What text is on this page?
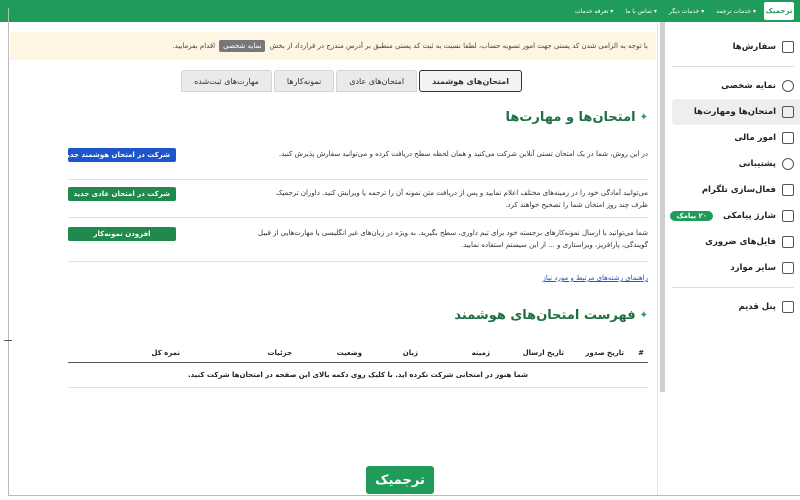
خدمات ترجمه ▾
خدمات دیگر ▾
تماس با ما ▾
تعرفه خدمات ▾	ترجمیک
سفارش‌ها
نمایه شخصی
امتحان‌ها ومهارت‌ها
امور مالی
پشتیبانی
فعال‌سازی تلگرام
شارژ پیامکی
۲۰ پیامک
فایل‌های ضروری
سایر موارد
پنل قدیم
با توجه به الزامی شدن کد پستی جهت امور تسویه حساب، لطفا نسبت به ثبت کد پستی منطبق بر آدرس مندرج در قرارداد از بخش
نمایه شخصی
اقدام بفرمایید.
امتحان‌های هوشمند
امتحان‌های عادی
نمونه‌کارها
مهارت‌های ثبت‌شده
✦
امتحان‌ها و مهارت‌ها
در این روش، شما در یک امتحان تستی آنلاین شرکت می‌کنید و همان لحظه سطح دریافت کرده و می‌توانید سفارش پذیرش کنید.
شرکت در امتحان هوشمند جدید
می‌توانید آمادگی خود را در زمینه‌های مختلف اعلام نمایید و پس از دریافت متن نمونه آن را ترجمه یا ویرایش کنید. داوران ترجمیک ظرف چند روز امتحان شما را تصحیح خواهند کرد.
شرکت در امتحان عادی جدید
شما می‌توانید با ارسال نمونه‌کارهای برجسته خود برای تیم داوری، سطح بگیرید. به ویژه در زبان‌های غیر انگلیسی یا مهارت‌هایی از قبیل گویندگی، پارافریز، ویراستاری و ... از این سیستم استفاده نمایید.
افزودن نمونه‌کار
راهنمای رشته‌های مرتبط و مورد نیاز
✦
فهرست امتحان‌های هوشمند
#
تاریخ صدور
تاریخ ارسال
زمینه
زبان
وضعیت
جزئیات
نمره کل
شما هنوز در امتحانی شرکت نکرده اید. با کلیک روی دکمه بالای این صفحه در امتحان‌ها شرکت کنید.
ترجمیک
